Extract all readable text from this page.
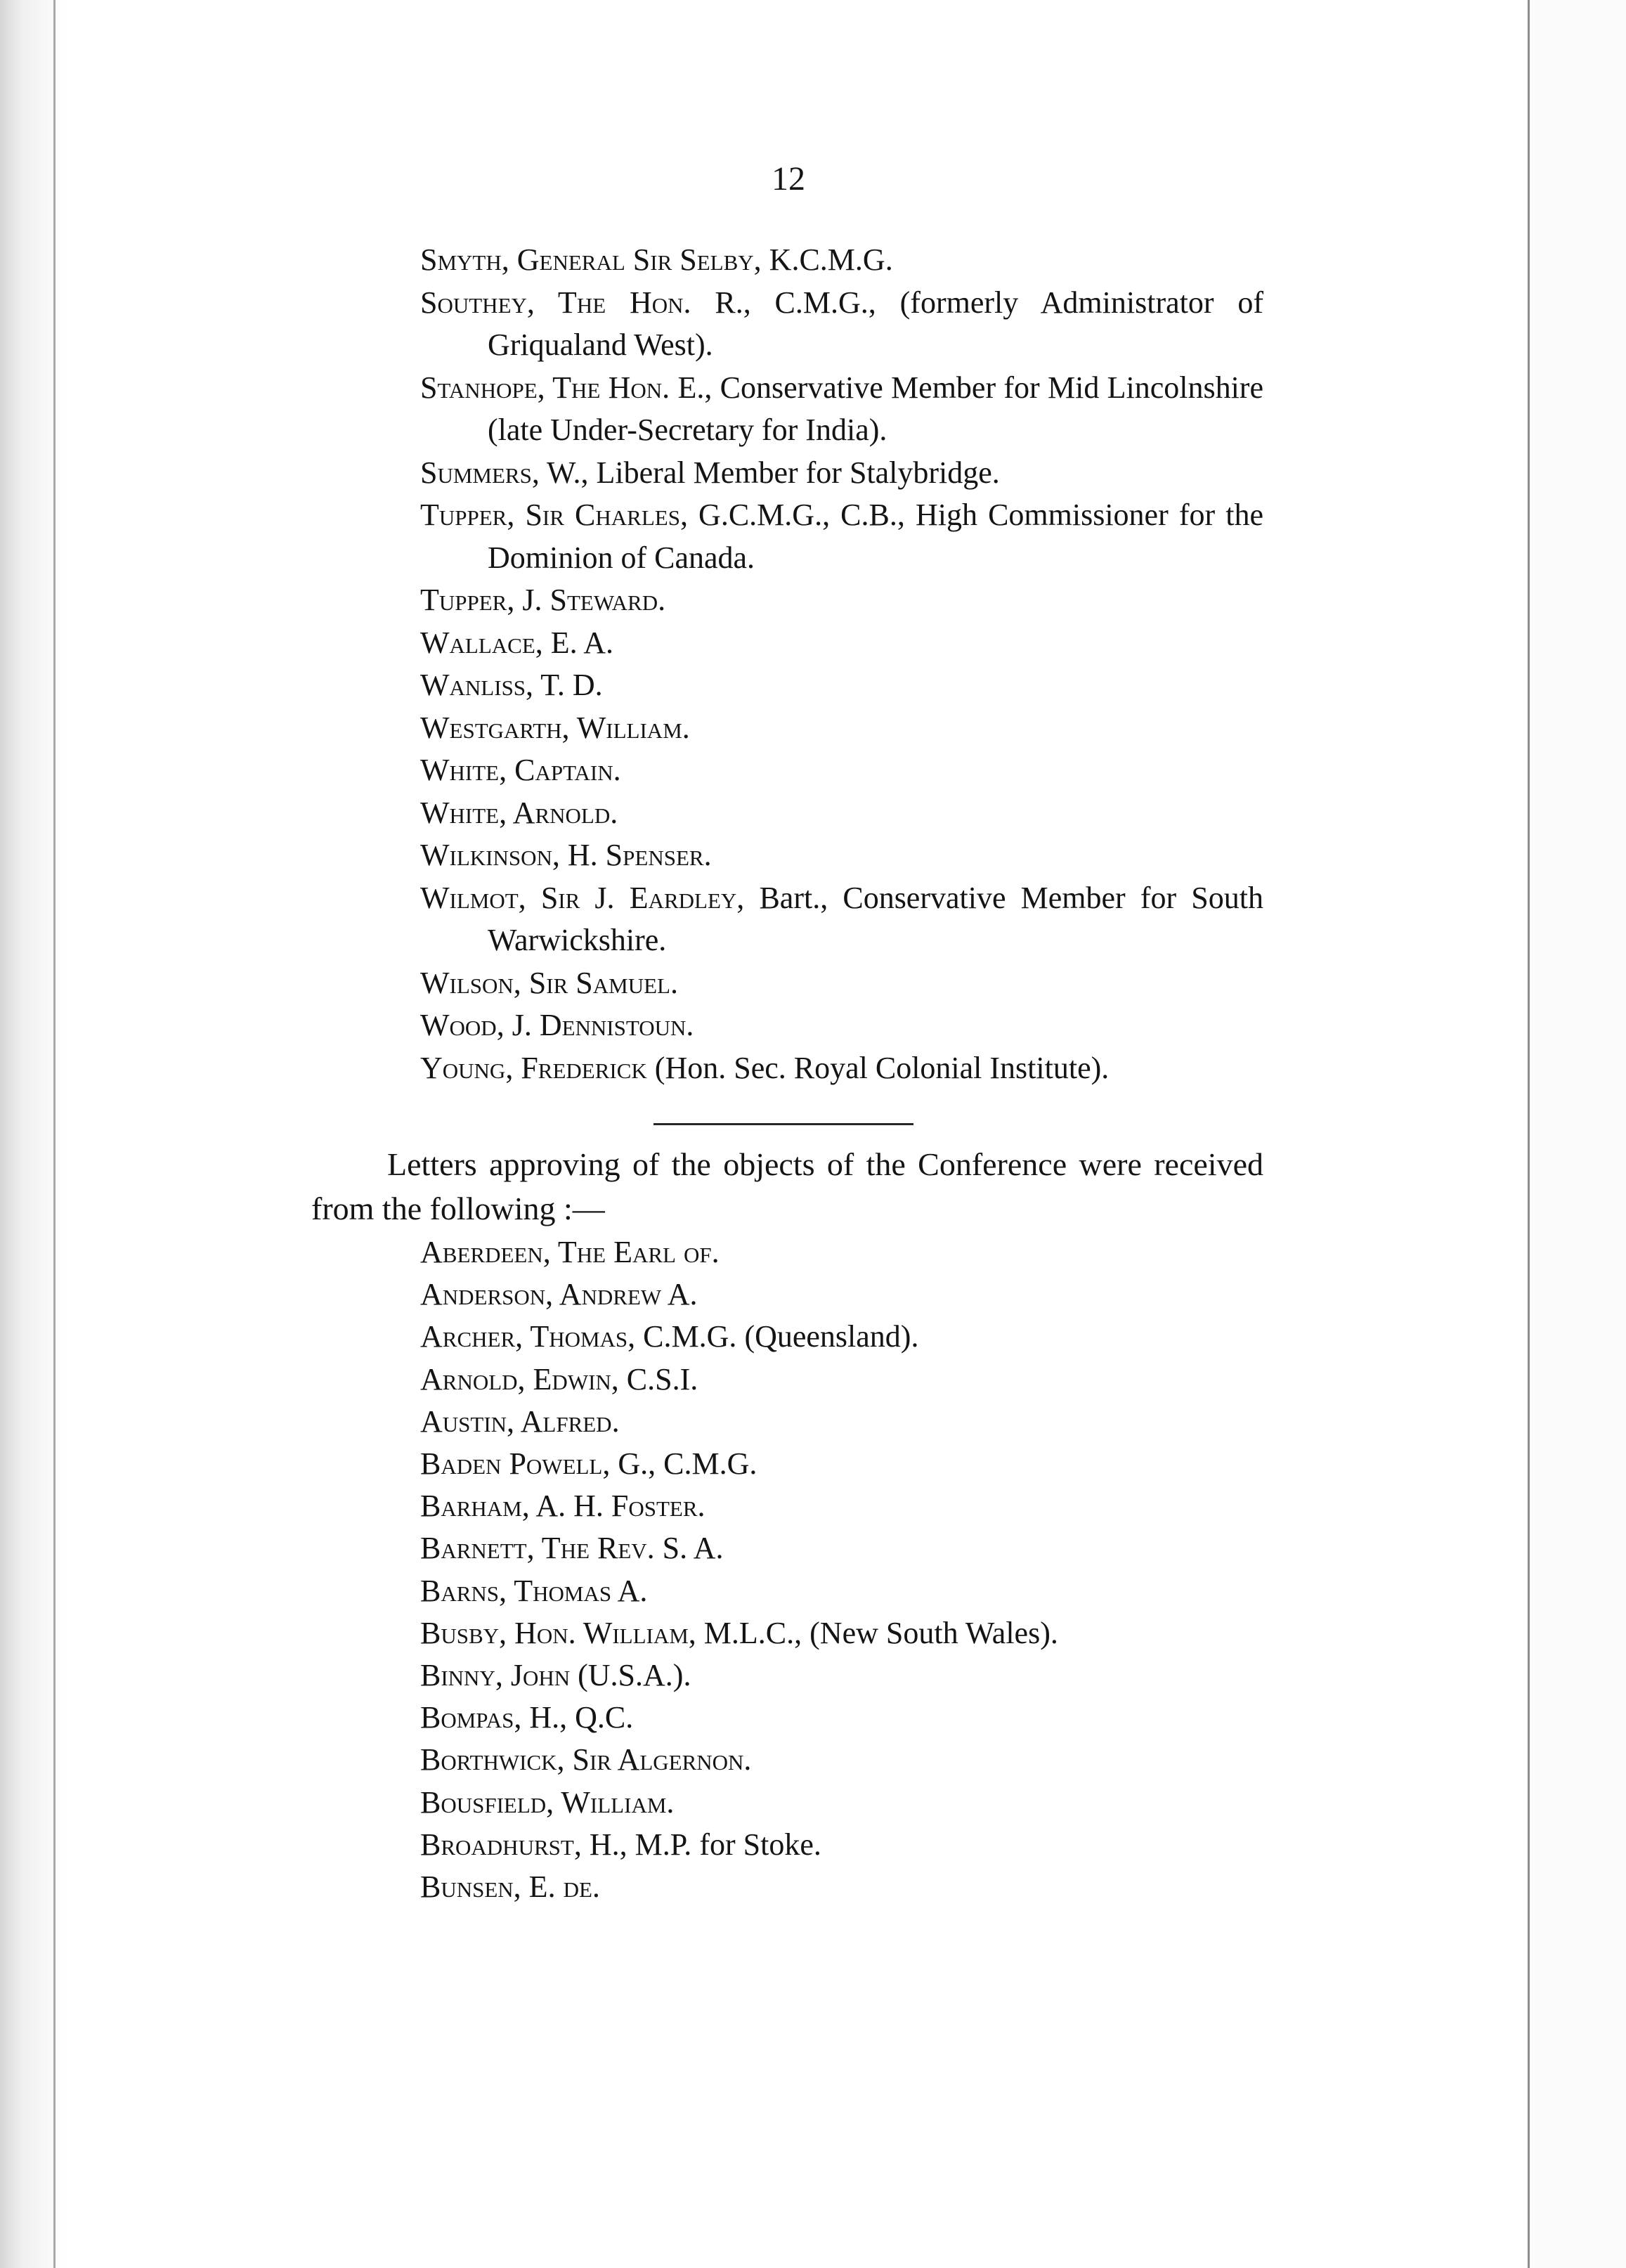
12

Smyth, General Sir Selby, K.C.M.G.

Southey, The Hon. R., C.M.G., (formerly Administrator of Griqualand West).

Stanhope, The Hon. E., Conservative Member for Mid Lincolnshire (late Under-Secretary for India).

Summers, W., Liberal Member for Stalybridge.

Tupper, Sir Charles, G.C.M.G., C.B., High Commissioner for the Dominion of Canada.

Tupper, J. Steward.

Wallace, E. A.

Wanliss, T. D.

Westgarth, William.

White, Captain.

White, Arnold.

Wilkinson, H. Spenser.

Wilmot, Sir J. Eardley, Bart., Conservative Member for South Warwickshire.

Wilson, Sir Samuel.

Wood, J. Dennistoun.

Young, Frederick (Hon. Sec. Royal Colonial Institute).

Letters approving of the objects of the Conference were received from the following :—

Aberdeen, The Earl of.

Anderson, Andrew A.

Archer, Thomas, C.M.G. (Queensland).

Arnold, Edwin, C.S.I.

Austin, Alfred.

Baden Powell, G., C.M.G.

Barham, A. H. Foster.

Barnett, The Rev. S. A.

Barns, Thomas A.

Busby, Hon. William, M.L.C., (New South Wales).

Binny, John (U.S.A.).

Bompas, H., Q.C.

Borthwick, Sir Algernon.

Bousfield, William.

Broadhurst, H., M.P. for Stoke.

Bunsen, E. de.
